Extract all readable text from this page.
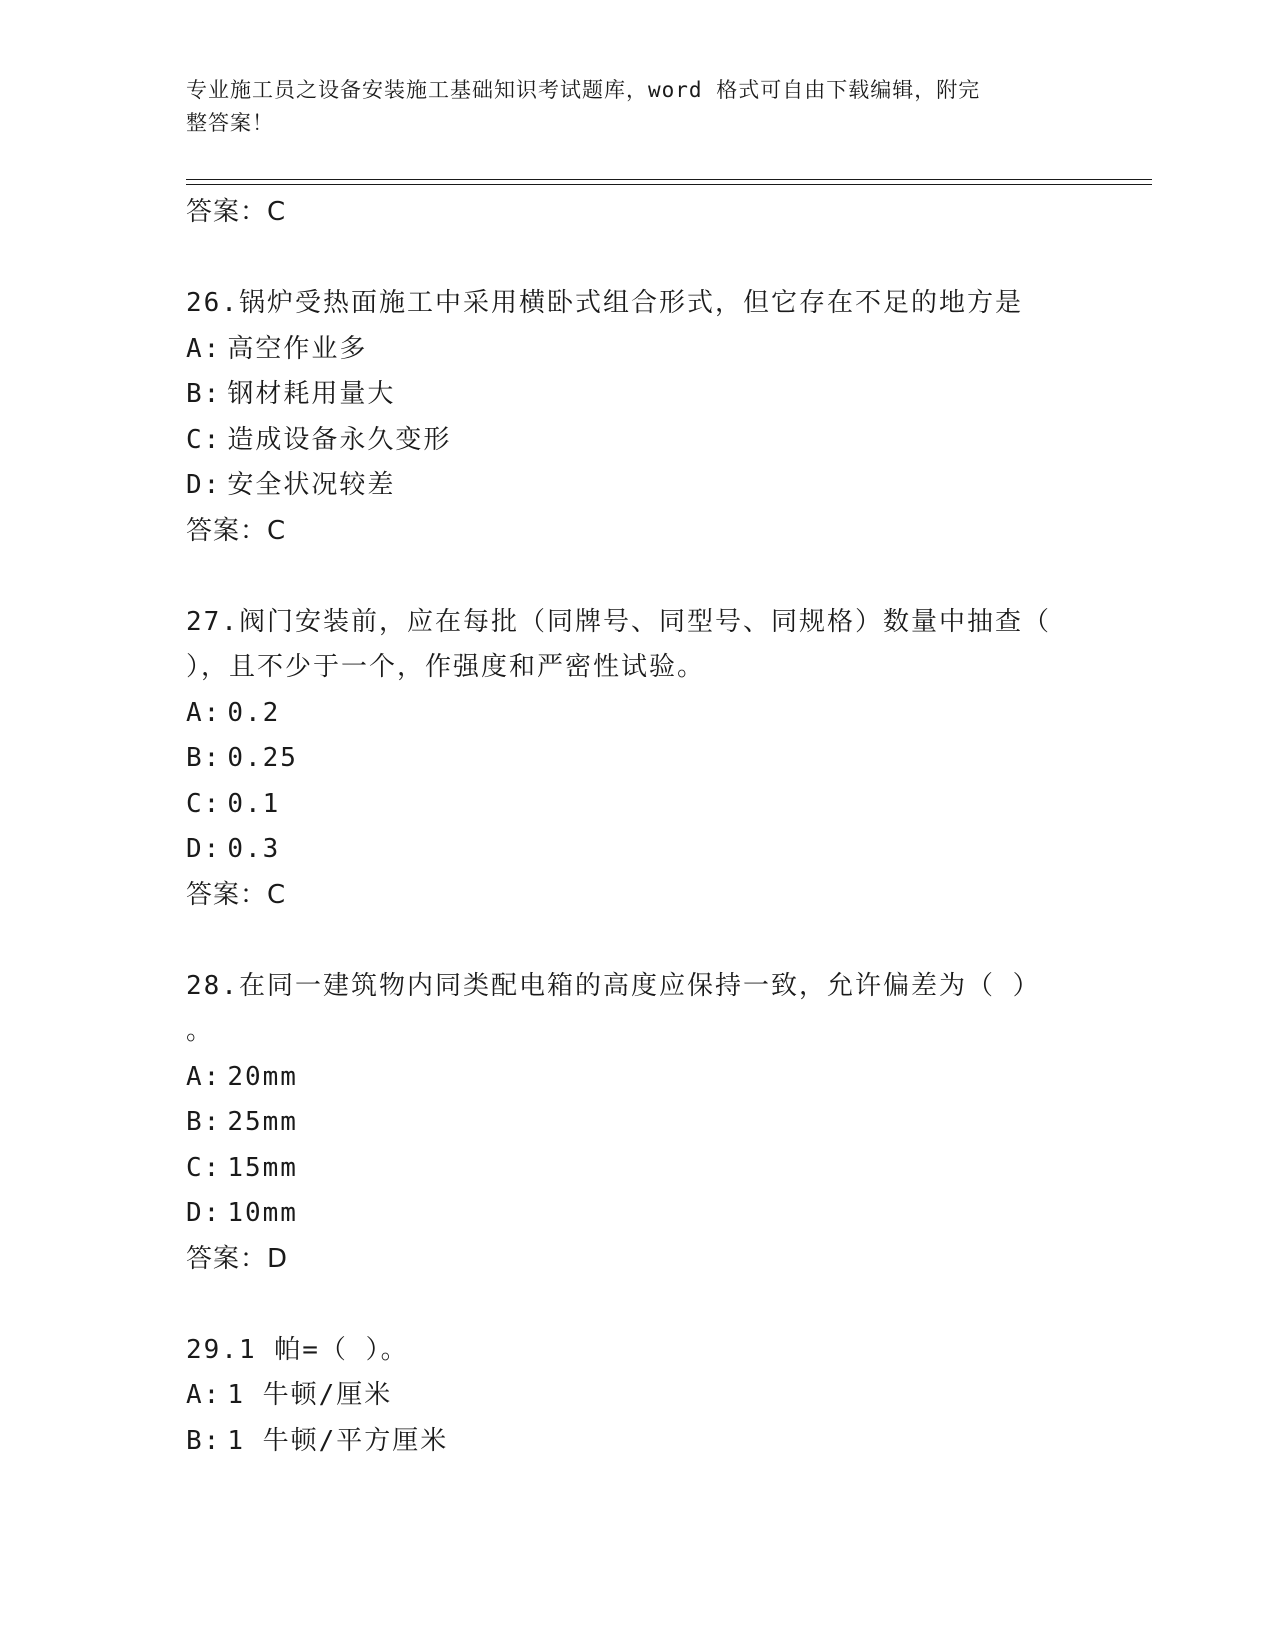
专业施工员之设备安装施工基础知识考试题库，word 格式可自由下载编辑，附完
整答案！
答案：C
26.锅炉受热面施工中采用横卧式组合形式，但它存在不足的地方是
A: 高空作业多
B: 钢材耗用量大
C: 造成设备永久变形
D: 安全状况较差
答案：C
27.阀门安装前，应在每批（同牌号、同型号、同规格）数量中抽查（
），且不少于一个，作强度和严密性试验。
A: 0.2
B: 0.25
C: 0.1
D: 0.3
答案：C
28.在同一建筑物内同类配电箱的高度应保持一致，允许偏差为（ ）
。
A: 20mm
B: 25mm
C: 15mm
D: 10mm
答案：D
29.1 帕=（ ）。
A: 1 牛顿/厘米
B: 1 牛顿/平方厘米
